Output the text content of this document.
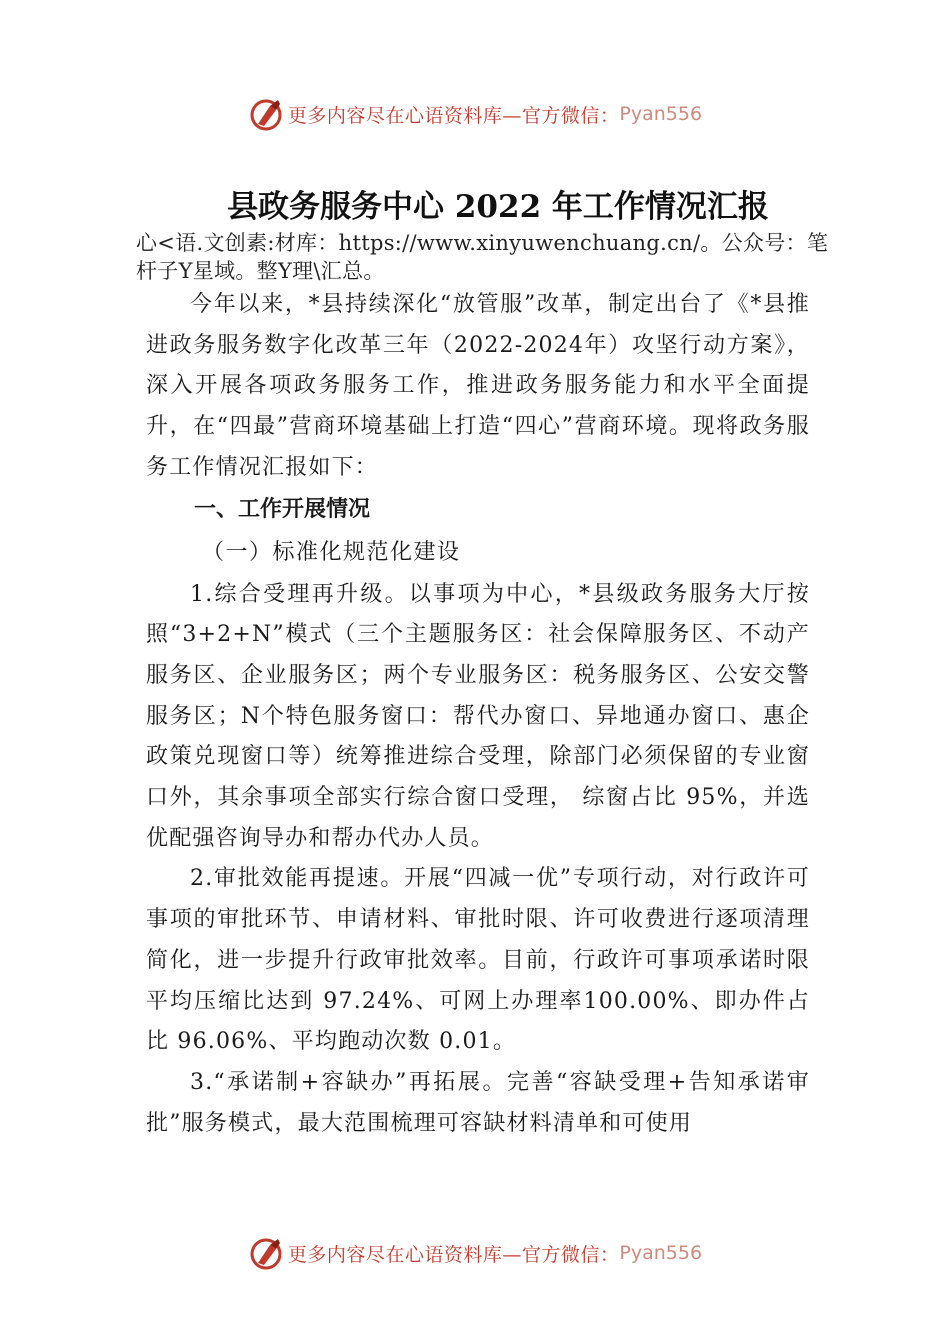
更多内容尽在心语资料库—官方微信： Pyan556
县政务服务中心 2022 年工作情况汇报

心<语.文创素:材库：https://www.xinyuwenchuang.cn/。公众号：笔杆子Y星域。整Y理\汇总。

今年以来，*县持续深化“放管服”改革，制定出台了《*县推进政务服务数字化改革三年（2022-2024年）攻坚行动方案》，深入开展各项政务服务工作，推进政务服务能力和水平全面提升，在“四最”营商环境基础上打造“四心”营商环境。现将政务服务工作情况汇报如下：

一、工作开展情况

（一）标准化规范化建设

1.综合受理再升级。以事项为中心，*县级政务服务大厅按照“3+2+N”模式（三个主题服务区：社会保障服务区、不动产服务区、企业服务区；两个专业服务区：税务服务区、公安交警服务区；N个特色服务窗口：帮代办窗口、异地通办窗口、惠企政策兑现窗口等）统筹推进综合受理，除部门必须保留的专业窗口外，其余事项全部实行综合窗口受理， 综窗占比 95%，并选优配强咨询导办和帮办代办人员。

2.审批效能再提速。开展“四减一优”专项行动，对行政许可事项的审批环节、申请材料、审批时限、许可收费进行逐项清理简化，进一步提升行政审批效率。目前，行政许可事项承诺时限平均压缩比达到 97.24%、可网上办理率100.00%、即办件占比 96.06%、平均跑动次数 0.01。

3.“承诺制+容缺办”再拓展。完善“容缺受理+告知承诺审批”服务模式，最大范围梳理可容缺材料清单和可使用

更多内容尽在心语资料库—官方微信： Pyan556
